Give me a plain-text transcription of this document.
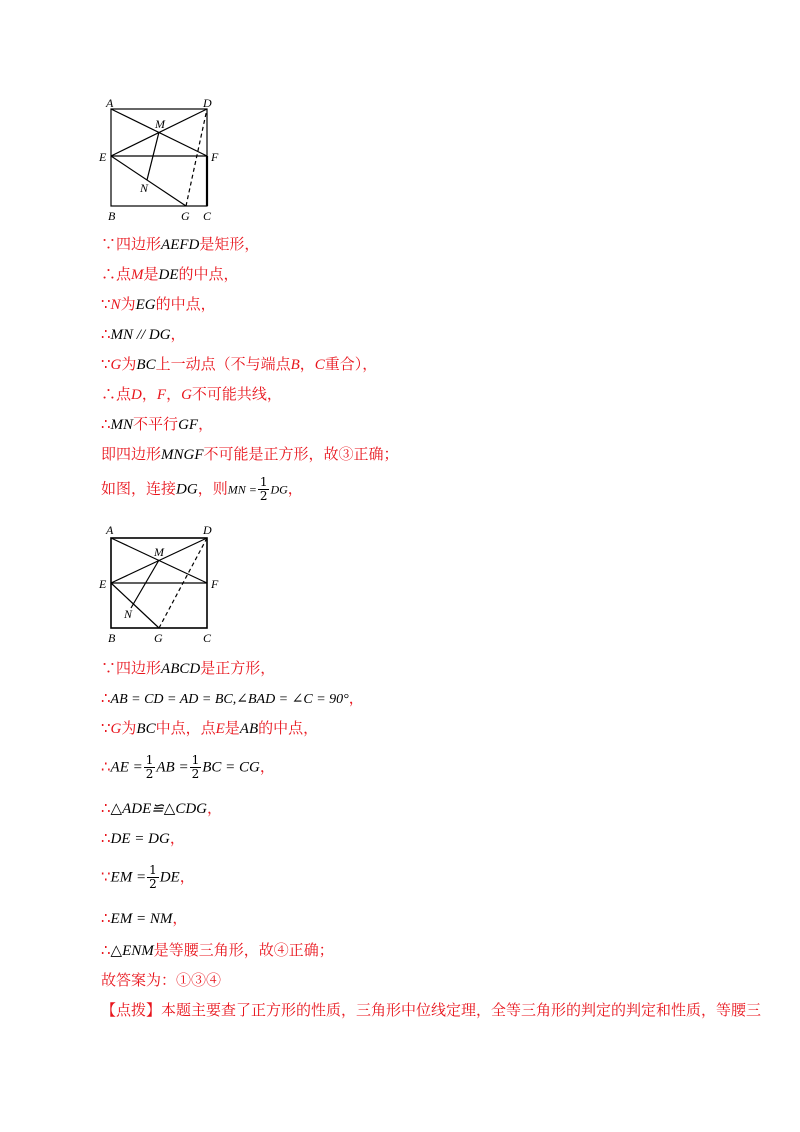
A	D
M
E	F
N
B	G C
∵四边形AEFD是矩形，
∴点M是DE的中点，
∵N为EG的中点，
∴MN // DG，
∵G为BC上一动点（不与端点B，C重合），
∴点D，F，G不可能共线，
∴MN不平行GF，
即四边形MNGF不可能是正方形，故③正确；
如图，连接DG，则MN = $\frac{1}{2}$ DG，
A	D
M
E	F
N
B	G	C
∵四边形ABCD是正方形，
∴AB = CD = AD = BC,∠BAD = ∠C = 90°，
∵G为BC中点，点E是AB的中点，
∴AE = $\frac{1}{2}$ AB = $\frac{1}{2}$ BC = CG，
∴△ADE≌△CDG，
∴DE = DG，
∵EM = $\frac{1}{2}$ DE，
∴EM = NM，
∴△ENM是等腰三角形，故④正确；
故答案为：①③④
【点拨】本题主要查了正方形的性质，三角形中位线定理，全等三角形的判定的判定和性质，等腰三
